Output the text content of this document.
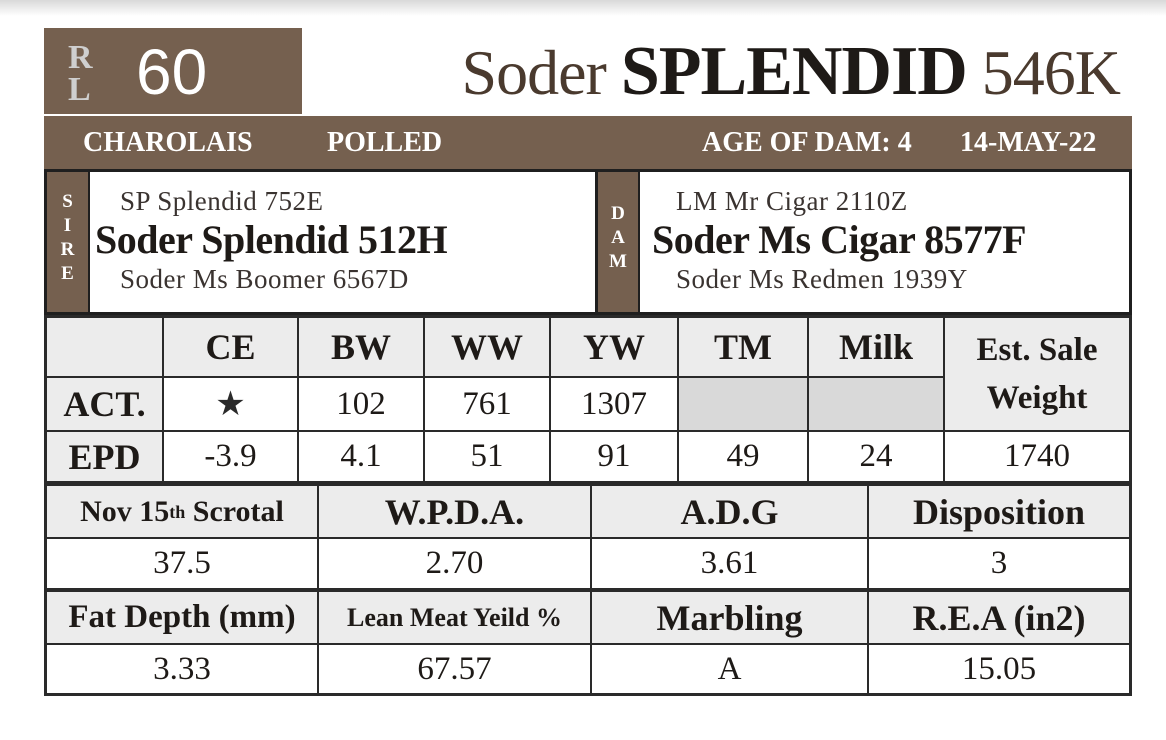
R
L 60	Soder SPLENDID 546K
CHAROLAIS	POLLED	AGE OF DAM: 4 14-MAY-22
S
I
R
E
SP Splendid 752E
Soder Splendid 512H
Soder Ms Boomer 6567D
D
A
M
LM Mr Cigar 2110Z
Soder Ms Cigar 8577F
Soder Ms Redmen 1939Y
CE	BW	WW	YW	TM	Milk	Est. Sale
Weight
ACT.	★	102	761	1307
EPD	-3.9	4.1	51	91	49	24	1740
Nov 15 th Scrotal	W.P.D.A.	A.D.G	Disposition
37.5	2.70	3.61	3
Fat Depth (mm)	Lean Meat Yeild %	Marbling	R.E.A (in2)
3.33	67.57	A	15.05
